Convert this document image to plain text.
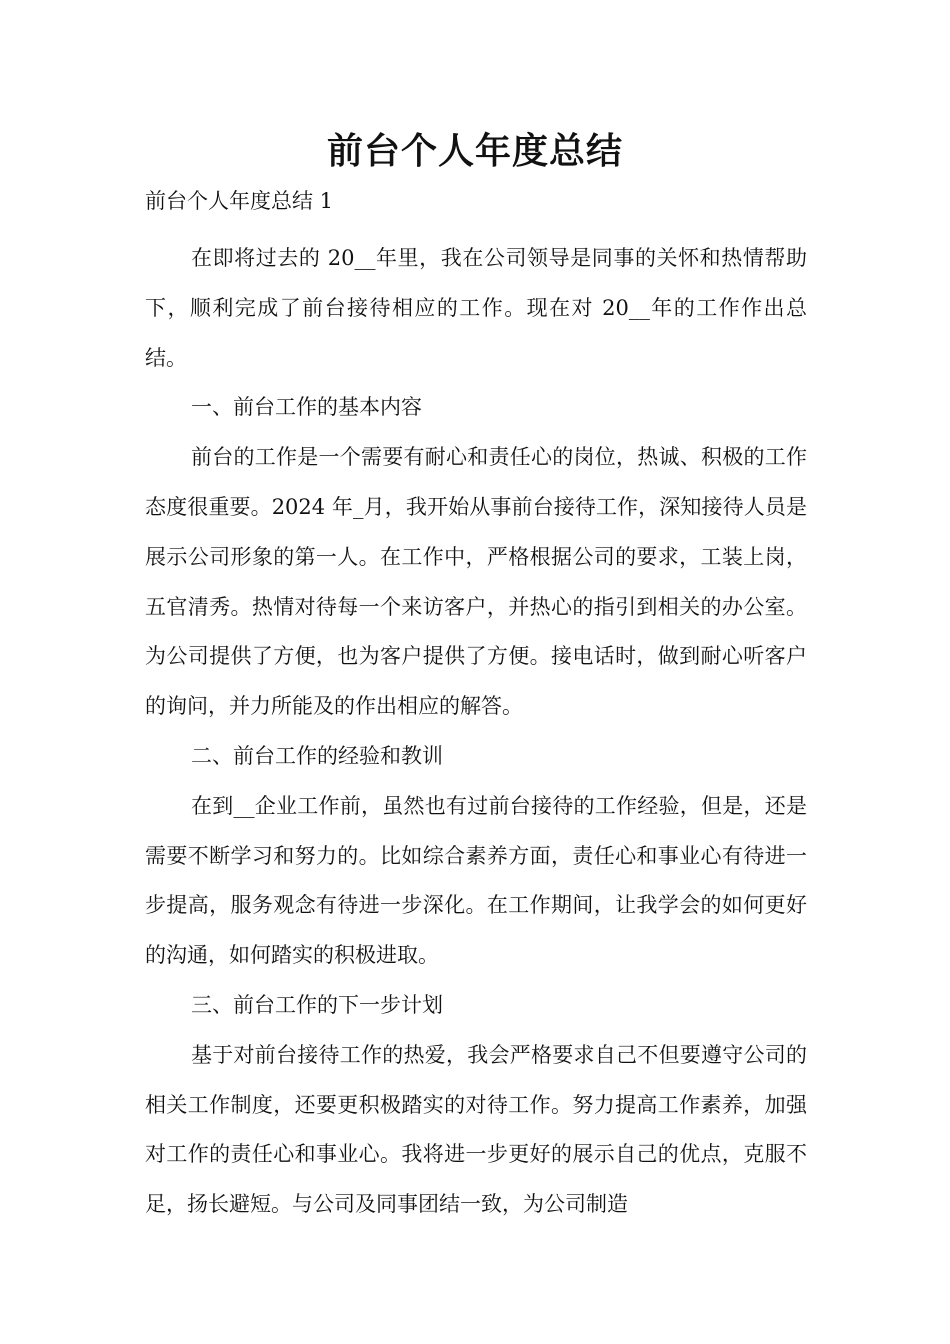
前台个人年度总结

前台个人年度总结 1

在即将过去的 20__年里，我在公司领导是同事的关怀和热情帮助下，顺利完成了前台接待相应的工作。现在对 20__年的工作作出总结。

一、前台工作的基本内容

前台的工作是一个需要有耐心和责任心的岗位，热诚、积极的工作态度很重要。2024 年_月，我开始从事前台接待工作，深知接待人员是展示公司形象的第一人。在工作中，严格根据公司的要求，工装上岗，五官清秀。热情对待每一个来访客户，并热心的指引到相关的办公室。为公司提供了方便，也为客户提供了方便。接电话时，做到耐心听客户的询问，并力所能及的作出相应的解答。

二、前台工作的经验和教训

在到__企业工作前，虽然也有过前台接待的工作经验，但是，还是需要不断学习和努力的。比如综合素养方面，责任心和事业心有待进一步提高，服务观念有待进一步深化。在工作期间，让我学会的如何更好的沟通，如何踏实的积极进取。

三、前台工作的下一步计划

基于对前台接待工作的热爱，我会严格要求自己不但要遵守公司的相关工作制度，还要更积极踏实的对待工作。努力提高工作素养，加强对工作的责任心和事业心。我将进一步更好的展示自己的优点，克服不足，扬长避短。与公司及同事团结一致，为公司制造
